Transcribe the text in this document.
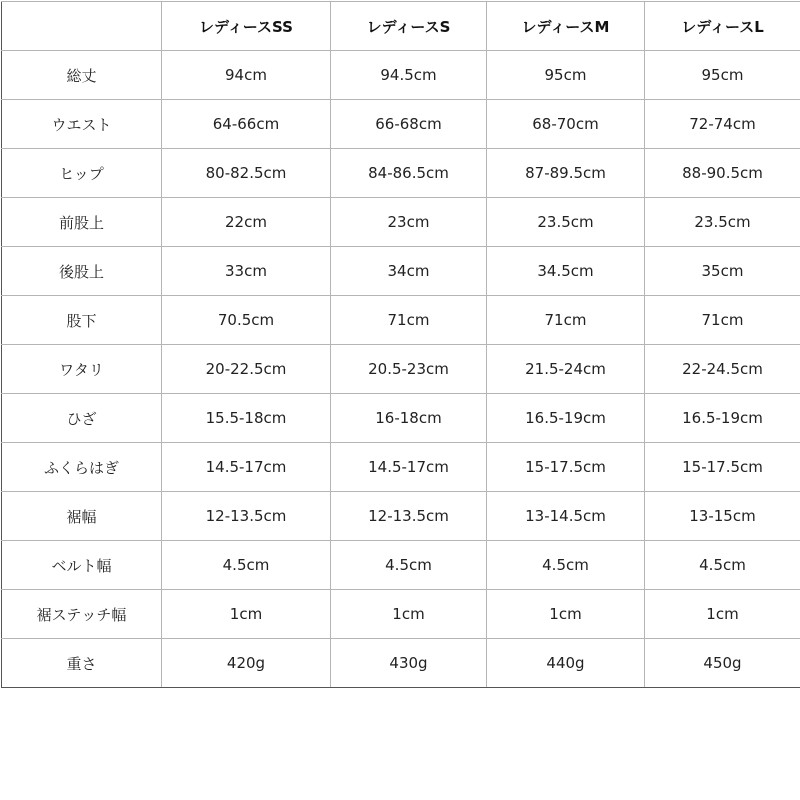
	レディースSS	レディースS	レディースM	レディースL
総丈	94cm	94.5cm	95cm	95cm
ウエスト	64-66cm	66-68cm	68-70cm	72-74cm
ヒップ	80-82.5cm	84-86.5cm	87-89.5cm	88-90.5cm
前股上	22cm	23cm	23.5cm	23.5cm
後股上	33cm	34cm	34.5cm	35cm
股下	70.5cm	71cm	71cm	71cm
ワタリ	20-22.5cm	20.5-23cm	21.5-24cm	22-24.5cm
ひざ	15.5-18cm	16-18cm	16.5-19cm	16.5-19cm
ふくらはぎ	14.5-17cm	14.5-17cm	15-17.5cm	15-17.5cm
裾幅	12-13.5cm	12-13.5cm	13-14.5cm	13-15cm
ベルト幅	4.5cm	4.5cm	4.5cm	4.5cm
裾ステッチ幅	1cm	1cm	1cm	1cm
重さ	420g	430g	440g	450g
